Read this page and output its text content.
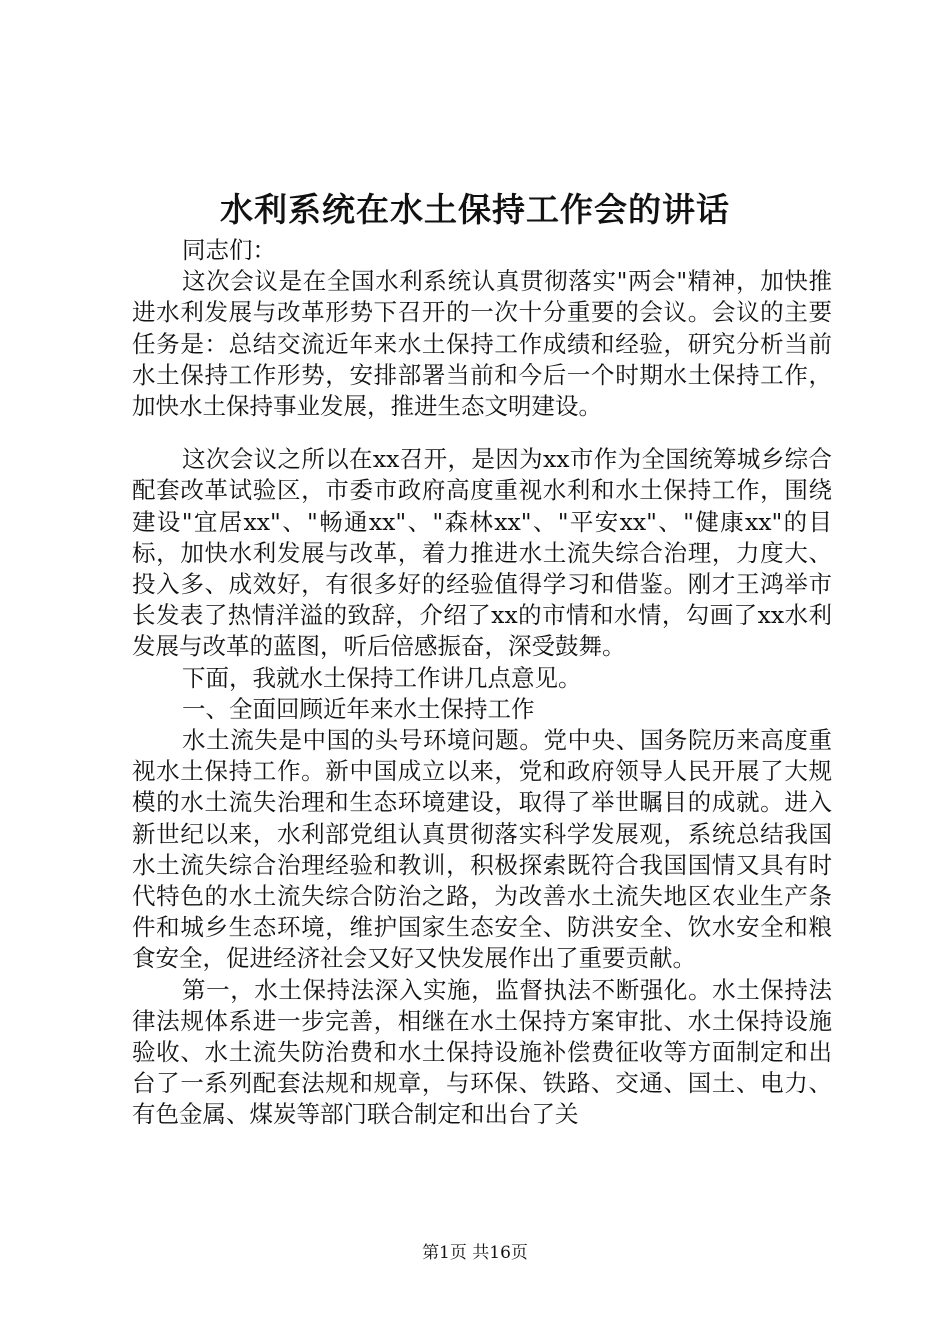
水利系统在水土保持工作会的讲话

同志们：

这次会议是在全国水利系统认真贯彻落实"两会"精神，加快推进水利发展与改革形势下召开的一次十分重要的会议。会议的主要任务是：总结交流近年来水土保持工作成绩和经验，研究分析当前水土保持工作形势，安排部署当前和今后一个时期水土保持工作，加快水土保持事业发展，推进生态文明建设。

这次会议之所以在xx召开，是因为xx市作为全国统筹城乡综合配套改革试验区，市委市政府高度重视水利和水土保持工作，围绕建设"宜居xx"、"畅通xx"、"森林xx"、"平安xx"、"健康xx"的目标，加快水利发展与改革，着力推进水土流失综合治理，力度大、投入多、成效好，有很多好的经验值得学习和借鉴。刚才王鸿举市长发表了热情洋溢的致辞，介绍了xx的市情和水情，勾画了xx水利发展与改革的蓝图，听后倍感振奋，深受鼓舞。

下面，我就水土保持工作讲几点意见。

一、全面回顾近年来水土保持工作

水土流失是中国的头号环境问题。党中央、国务院历来高度重视水土保持工作。新中国成立以来，党和政府领导人民开展了大规模的水土流失治理和生态环境建设，取得了举世瞩目的成就。进入新世纪以来，水利部党组认真贯彻落实科学发展观，系统总结我国水土流失综合治理经验和教训，积极探索既符合我国国情又具有时代特色的水土流失综合防治之路，为改善水土流失地区农业生产条件和城乡生态环境，维护国家生态安全、防洪安全、饮水安全和粮食安全，促进经济社会又好又快发展作出了重要贡献。

第一，水土保持法深入实施，监督执法不断强化。水土保持法律法规体系进一步完善，相继在水土保持方案审批、水土保持设施验收、水土流失防治费和水土保持设施补偿费征收等方面制定和出台了一系列配套法规和规章，与环保、铁路、交通、国土、电力、有色金属、煤炭等部门联合制定和出台了关

第1页 共16页
